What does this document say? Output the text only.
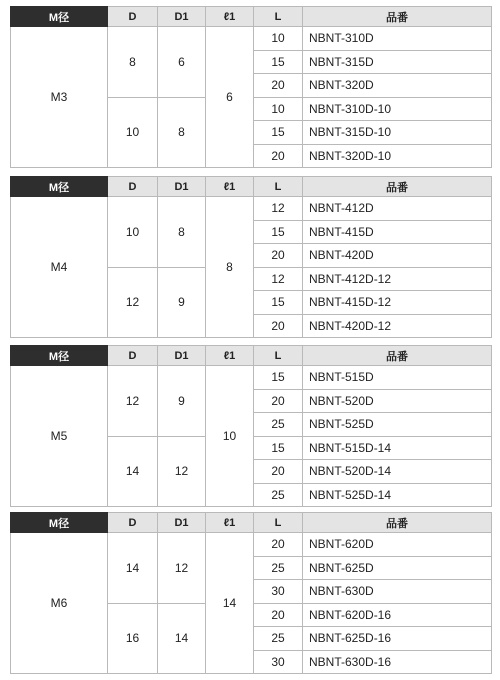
M径	D	D1	ℓ1	L	品番
M3	8	6	6	10	NBNT-310D
				15	NBNT-315D
				20	NBNT-320D
	10	8		10	NBNT-310D-10
				15	NBNT-315D-10
				20	NBNT-320D-10
M径	D	D1	ℓ1	L	品番
M4	10	8	8	12	NBNT-412D
				15	NBNT-415D
				20	NBNT-420D
	12	9		12	NBNT-412D-12
				15	NBNT-415D-12
				20	NBNT-420D-12
M径	D	D1	ℓ1	L	品番
M5	12	9	10	15	NBNT-515D
				20	NBNT-520D
				25	NBNT-525D
	14	12		15	NBNT-515D-14
				20	NBNT-520D-14
				25	NBNT-525D-14
M径	D	D1	ℓ1	L	品番
M6	14	12	14	20	NBNT-620D
				25	NBNT-625D
				30	NBNT-630D
	16	14		20	NBNT-620D-16
				25	NBNT-625D-16
				30	NBNT-630D-16
